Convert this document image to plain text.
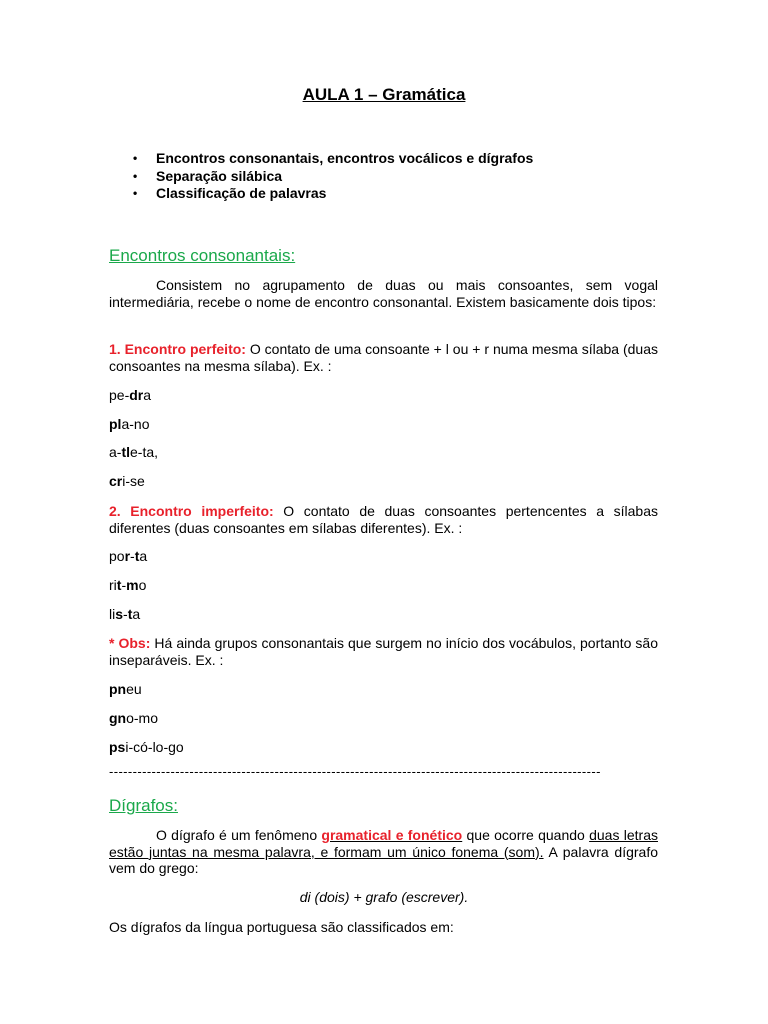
AULA 1 – Gramática
•	Encontros consonantais, encontros vocálicos e dígrafos
•	Separação silábica
•	Classificação de palavras
Encontros consonantais:
Consistem no agrupamento de duas ou mais consoantes, sem vogal intermediária, recebe o nome de encontro consonantal. Existem basicamente dois tipos:
1. Encontro perfeito: O contato de uma consoante + l ou + r numa mesma sílaba (duas consoantes na mesma sílaba). Ex. :
pe-dra
pla-no
a-tle-ta,
cri-se
2. Encontro imperfeito: O contato de duas consoantes pertencentes a sílabas diferentes (duas consoantes em sílabas diferentes). Ex. :
por-ta
rit-mo
lis-ta
* Obs: Há ainda grupos consonantais que surgem no início dos vocábulos, portanto são inseparáveis. Ex. :
pneu
gno-mo
psi-có-lo-go
--------------------------------------------------------------------------------------------------------
Dígrafos:
O dígrafo é um fenômeno gramatical e fonético que ocorre quando duas letras estão juntas na mesma palavra, e formam um único fonema (som). A palavra dígrafo vem do grego:
di (dois) + grafo (escrever).
Os dígrafos da língua portuguesa são classificados em:
